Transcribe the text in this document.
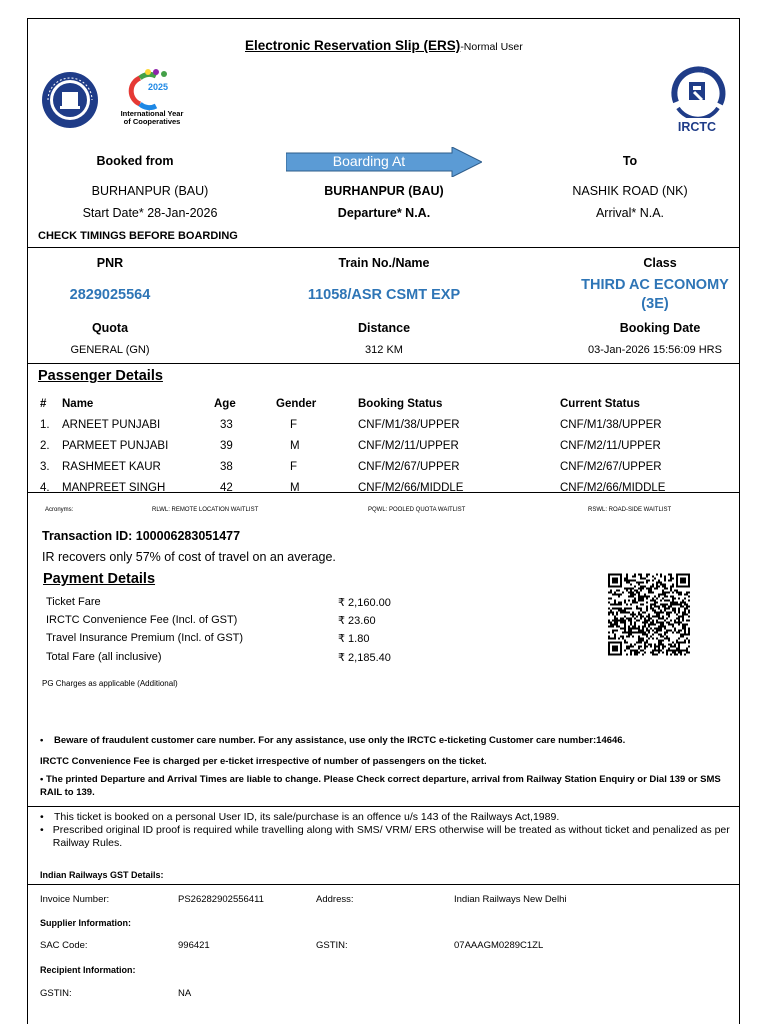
Electronic Reservation Slip (ERS)-Normal User
2025
International Year
of Cooperatives	IRCTC
Booked from	Boarding At	To
BURHANPUR (BAU)	BURHANPUR (BAU)	NASHIK ROAD (NK)
Start Date* 28-Jan-2026	Departure* N.A.	Arrival* N.A.
CHECK TIMINGS BEFORE BOARDING
PNR	Train No./Name	Class
2829025564	11058/ASR CSMT EXP
THIRD AC ECONOMY
(3E)
Quota	Distance	Booking Date
GENERAL (GN)	312 KM	03-Jan-2026 15:56:09 HRS
Passenger Details
#	Name	Age	Gender	Booking Status	Current Status
1.	ARNEET PUNJABI	33	F	CNF/M1/38/UPPER	CNF/M1/38/UPPER
2.	PARMEET PUNJABI	39	M	CNF/M2/11/UPPER	CNF/M2/11/UPPER
3.	RASHMEET KAUR	38	F	CNF/M2/67/UPPER	CNF/M2/67/UPPER
4.	MANPREET SINGH	42	M	CNF/M2/66/MIDDLE	CNF/M2/66/MIDDLE
Acronyms:	RLWL: REMOTE LOCATION WAITLIST	PQWL: POOLED QUOTA WAITLIST	RSWL: ROAD-SIDE WAITLIST
Transaction ID: 100006283051477
IR recovers only 57% of cost of travel on an average.
Payment Details
Ticket Fare	₹ 2,160.00
IRCTC Convenience Fee (Incl. of GST)	₹ 23.60
Travel Insurance Premium (Incl. of GST)	₹ 1.80
Total Fare (all inclusive)	₹ 2,185.40
PG Charges as applicable (Additional)
• Beware of fraudulent customer care number. For any assistance, use only the IRCTC e-ticketing Customer care number:14646.
IRCTC Convenience Fee is charged per e-ticket irrespective of number of passengers on the ticket.
• The printed Departure and Arrival Times are liable to change. Please Check correct departure, arrival from Railway Station Enquiry or Dial 139 or SMS RAIL to 139.
• This ticket is booked on a personal User ID, its sale/purchase is an offence u/s 143 of the Railways Act,1989.
• Prescribed original ID proof is required while travelling along with SMS/ VRM/ ERS otherwise will be treated as without ticket and penalized as per Railway Rules.
Indian Railways GST Details:
Invoice Number:	PS26282902556411	Address:	Indian Railways New Delhi
Supplier Information:
SAC Code:	996421	GSTIN:	07AAAGM0289C1ZL
Recipient Information:
GSTIN:	NA
